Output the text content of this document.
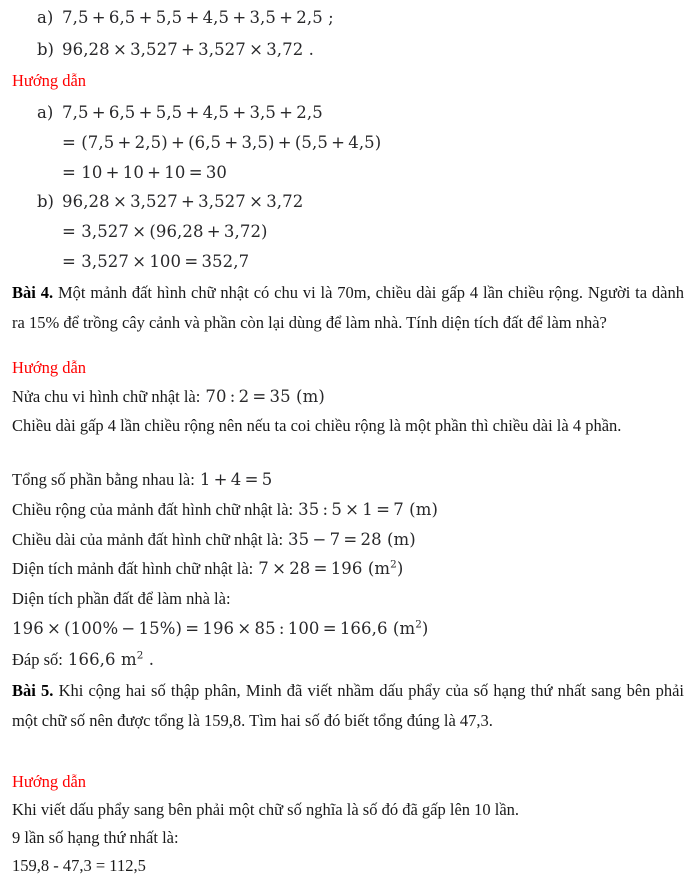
a) 7,5 + 6,5 + 5,5 + 4,5 + 3,5 + 2,5 ;
b) 96,28 × 3,527 + 3,527 × 3,72 .
Hướng dẫn
a) 7,5 + 6,5 + 5,5 + 4,5 + 3,5 + 2,5
= (7,5 + 2,5) + (6,5 + 3,5) + (5,5 + 4,5)
= 10 + 10 + 10 = 30
b) 96,28 × 3,527 + 3,527 × 3,72
= 3,527 × (96,28 + 3,72)
= 3,527 × 100 = 352,7
Bài 4. Một mảnh đất hình chữ nhật có chu vi là 70m, chiều dài gấp 4 lần chiều rộng. Người ta dành ra 15% để trồng cây cảnh và phần còn lại dùng để làm nhà. Tính diện tích đất để làm nhà?
Hướng dẫn
Nửa chu vi hình chữ nhật là: 70 : 2 = 35 (m)
Chiều dài gấp 4 lần chiều rộng nên nếu ta coi chiều rộng là một phần thì chiều dài là 4 phần.
Tổng số phần bằng nhau là: 1 + 4 = 5
Chiều rộng của mảnh đất hình chữ nhật là: 35 : 5 × 1 = 7 (m)
Chiều dài của mảnh đất hình chữ nhật là: 35 − 7 = 28 (m)
Diện tích mảnh đất hình chữ nhật là: 7 × 28 = 196 $(m^2)$
Diện tích phần đất để làm nhà là:
196 × (100% − 15%) = 196 × 85 : 100 = 166,6 $(m^2)$
Đáp số: 166,6 $m^2$ .
Bài 5. Khi cộng hai số thập phân, Minh đã viết nhầm dấu phẩy của số hạng thứ nhất sang bên phải một chữ số nên được tổng là 159,8. Tìm hai số đó biết tổng đúng là 47,3.
Hướng dẫn
Khi viết dấu phẩy sang bên phải một chữ số nghĩa là số đó đã gấp lên 10 lần.
9 lần số hạng thứ nhất là:
159,8 - 47,3 = 112,5
